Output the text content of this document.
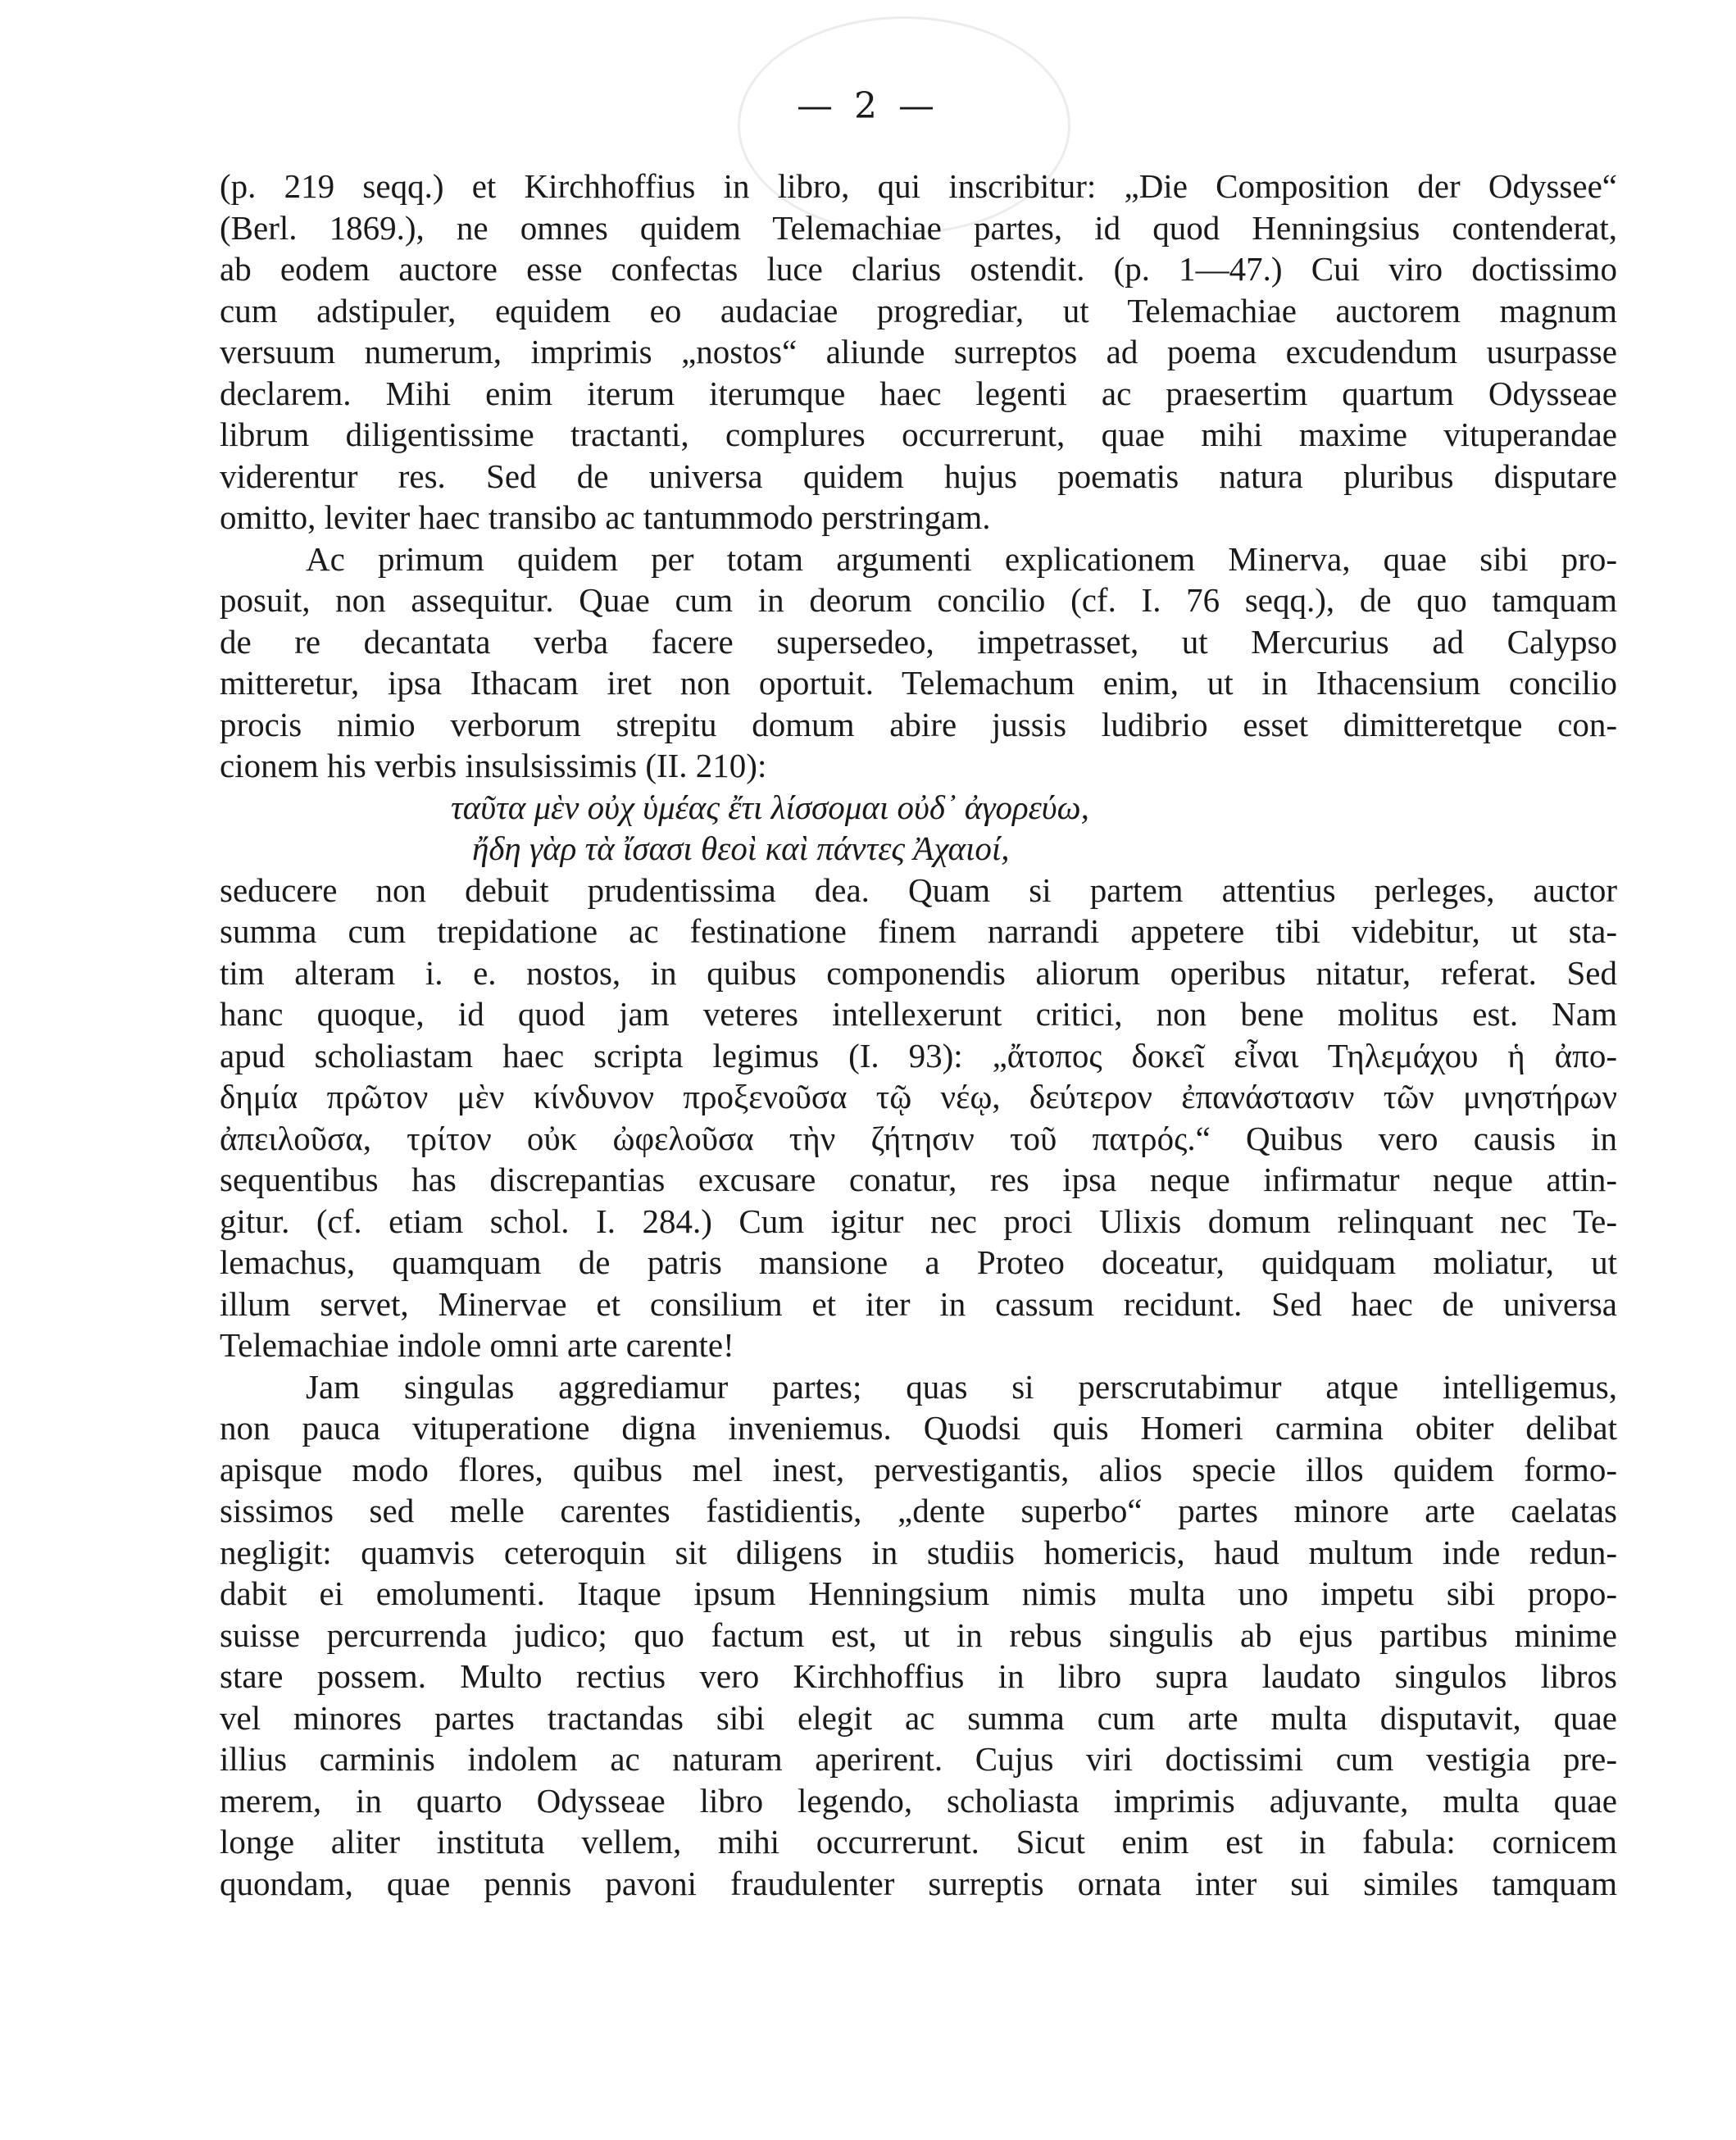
— 2 —
(p. 219 seqq.) et Kirchhoffius in libro, qui inscribitur: „Die Composition der Odyssee“
(Berl. 1869.), ne omnes quidem Telemachiae partes, id quod Henningsius contenderat,
ab eodem auctore esse confectas luce clarius ostendit. (p. 1—47.) Cui viro doctissimo
cum adstipuler, equidem eo audaciae progrediar, ut Telemachiae auctorem magnum
versuum numerum, imprimis „nostos“ aliunde surreptos ad poema excudendum usurpasse
declarem. Mihi enim iterum iterumque haec legenti ac praesertim quartum Odysseae
librum diligentissime tractanti, complures occurrerunt, quae mihi maxime vituperandae
viderentur res. Sed de universa quidem hujus poematis natura pluribus disputare
omitto, leviter haec transibo ac tantummodo perstringam.
Ac primum quidem per totam argumenti explicationem Minerva, quae sibi pro-
posuit, non assequitur. Quae cum in deorum concilio (cf. I. 76 seqq.), de quo tamquam
de re decantata verba facere supersedeo, impetrasset, ut Mercurius ad Calypso
mitteretur, ipsa Ithacam iret non oportuit. Telemachum enim, ut in Ithacensium concilio
procis nimio verborum strepitu domum abire jussis ludibrio esset dimitteretque con-
cionem his verbis insulsissimis (II. 210):
ταῦτα μὲν οὐχ ὑμέας ἔτι λίσσομαι οὐδ᾽ ἀγορεύω,
ἤδη γὰρ τὰ ἴσασι θεοὶ καὶ πάντες Ἀχαιοί,
seducere non debuit prudentissima dea. Quam si partem attentius perleges, auctor
summa cum trepidatione ac festinatione finem narrandi appetere tibi videbitur, ut sta-
tim alteram i. e. nostos, in quibus componendis aliorum operibus nitatur, referat. Sed
hanc quoque, id quod jam veteres intellexerunt critici, non bene molitus est. Nam
apud scholiastam haec scripta legimus (I. 93): „ἄτοπος δοκεῖ εἶναι Τηλεμάχου ἡ ἀπο-
δημία πρῶτον μὲν κίνδυνον προξενοῦσα τῷ νέῳ, δεύτερον ἐπανάστασιν τῶν μνηστήρων
ἀπειλοῦσα, τρίτον οὐκ ὠφελοῦσα τὴν ζήτησιν τοῦ πατρός.“ Quibus vero causis in
sequentibus has discrepantias excusare conatur, res ipsa neque infirmatur neque attin-
gitur. (cf. etiam schol. I. 284.) Cum igitur nec proci Ulixis domum relinquant nec Te-
lemachus, quamquam de patris mansione a Proteo doceatur, quidquam moliatur, ut
illum servet, Minervae et consilium et iter in cassum recidunt. Sed haec de universa
Telemachiae indole omni arte carente!
Jam singulas aggrediamur partes; quas si perscrutabimur atque intelligemus,
non pauca vituperatione digna inveniemus. Quodsi quis Homeri carmina obiter delibat
apisque modo flores, quibus mel inest, pervestigantis, alios specie illos quidem formo-
sissimos sed melle carentes fastidientis, „dente superbo“ partes minore arte caelatas
negligit: quamvis ceteroquin sit diligens in studiis homericis, haud multum inde redun-
dabit ei emolumenti. Itaque ipsum Henningsium nimis multa uno impetu sibi propo-
suisse percurrenda judico; quo factum est, ut in rebus singulis ab ejus partibus minime
stare possem. Multo rectius vero Kirchhoffius in libro supra laudato singulos libros
vel minores partes tractandas sibi elegit ac summa cum arte multa disputavit, quae
illius carminis indolem ac naturam aperirent. Cujus viri doctissimi cum vestigia pre-
merem, in quarto Odysseae libro legendo, scholiasta imprimis adjuvante, multa quae
longe aliter instituta vellem, mihi occurrerunt. Sicut enim est in fabula: cornicem
quondam, quae pennis pavoni fraudulenter surreptis ornata inter sui similes tamquam
